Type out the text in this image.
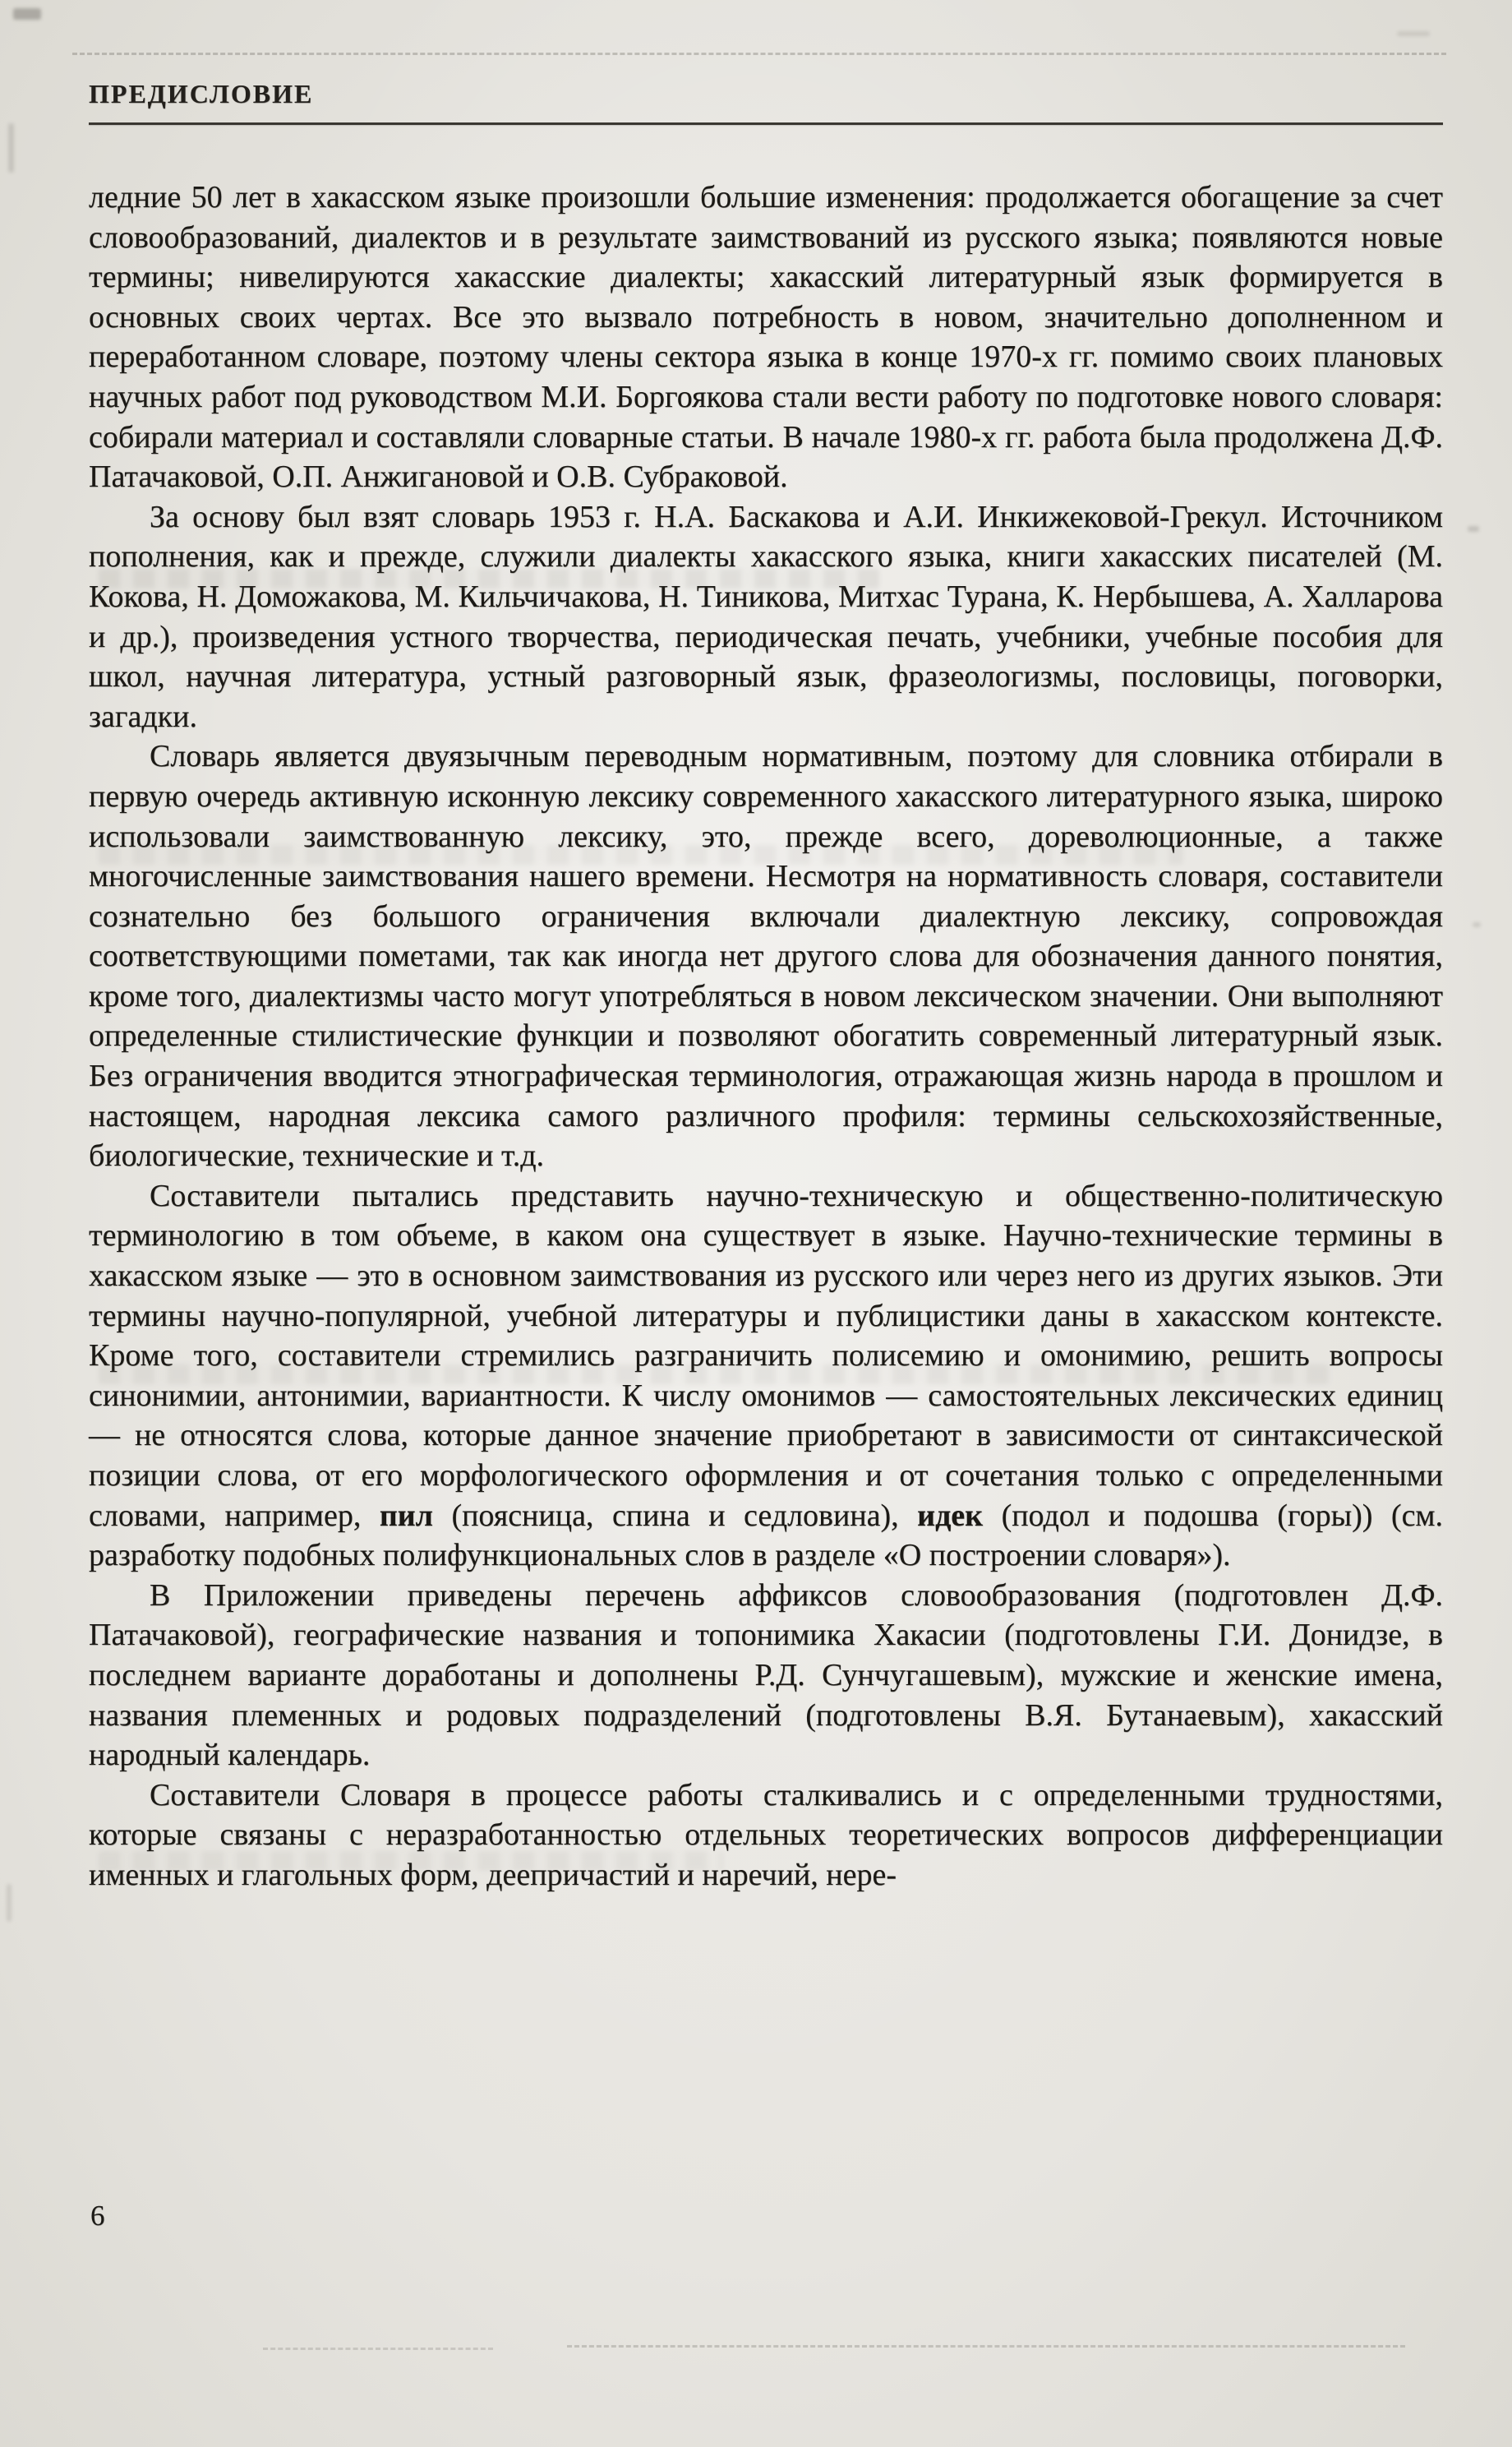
ПРЕДИСЛОВИЕ

ледние 50 лет в хакасском языке произошли большие изменения: продолжается обогащение за счет словообразований, диалектов и в результате заимствований из русского языка; появляются новые термины; нивелируются хакасские диалекты; хакасский литературный язык формируется в основных своих чертах. Все это вызвало потребность в новом, значительно дополненном и переработанном словаре, поэтому члены сектора языка в конце 1970-х гг. помимо своих плановых научных работ под руководством М.И. Боргоякова стали вести работу по подготовке нового словаря: собирали материал и составляли словарные статьи. В начале 1980-х гг. работа была продолжена Д.Ф. Патачаковой, О.П. Анжигановой и О.В. Субраковой.

За основу был взят словарь 1953 г. Н.А. Баскакова и А.И. Инкижековой-Грекул. Источником пополнения, как и прежде, служили диалекты хакасского языка, книги хакасских писателей (М. Кокова, Н. Доможакова, М. Кильчичакова, Н. Тиникова, Митхас Турана, К. Нербышева, А. Халларова и др.), произведения устного творчества, периодическая печать, учебники, учебные пособия для школ, научная литература, устный разговорный язык, фразеологизмы, пословицы, поговорки, загадки.

Словарь является двуязычным переводным нормативным, поэтому для словника отбирали в первую очередь активную исконную лексику современного хакасского литературного языка, широко использовали заимствованную лексику, это, прежде всего, дореволюционные, а также многочисленные заимствования нашего времени. Несмотря на нормативность словаря, составители сознательно без большого ограничения включали диалектную лексику, сопровождая соответствующими пометами, так как иногда нет другого слова для обозначения данного понятия, кроме того, диалектизмы часто могут употребляться в новом лексическом значении. Они выполняют определенные стилистические функции и позволяют обогатить современный литературный язык. Без ограничения вводится этнографическая терминология, отражающая жизнь народа в прошлом и настоящем, народная лексика самого различного профиля: термины сельскохозяйственные, биологические, технические и т.д.

Составители пытались представить научно-техническую и общественно-политическую терминологию в том объеме, в каком она существует в языке. Научно-технические термины в хакасском языке — это в основном заимствования из русского или через него из других языков. Эти термины научно-популярной, учебной литературы и публицистики даны в хакасском контексте. Кроме того, составители стремились разграничить полисемию и омонимию, решить вопросы синонимии, антонимии, вариантности. К числу омонимов — самостоятельных лексических единиц — не относятся слова, которые данное значение приобретают в зависимости от синтаксической позиции слова, от его морфологического оформления и от сочетания только с определенными словами, например, пил (поясница, спина и седловина), идек (подол и подошва (горы)) (см. разработку подобных полифункциональных слов в разделе «О построении словаря»).

В Приложении приведены перечень аффиксов словообразования (подготовлен Д.Ф. Патачаковой), географические названия и топонимика Хакасии (подготовлены Г.И. Донидзе, в последнем варианте доработаны и дополнены Р.Д. Сунчугашевым), мужские и женские имена, названия племенных и родовых подразделений (подготовлены В.Я. Бутанаевым), хакасский народный календарь.

Составители Словаря в процессе работы сталкивались и с определенными трудностями, которые связаны с неразработанностью отдельных теоретических вопросов дифференциации именных и глагольных форм, деепричастий и наречий, нере-

6
